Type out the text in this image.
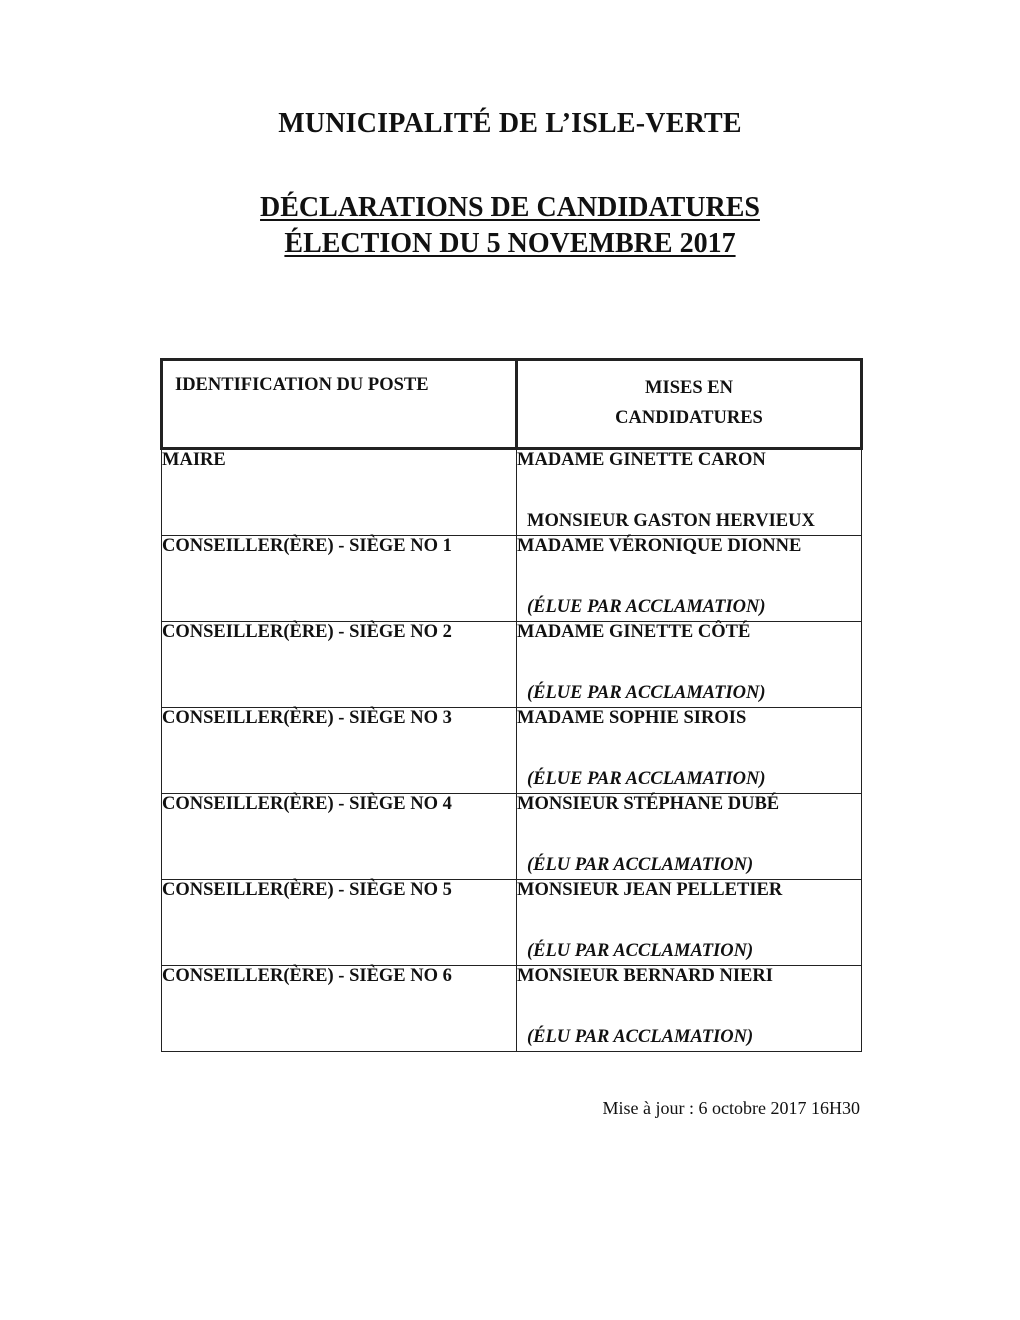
MUNICIPALITÉ DE L’ISLE-VERTE
DÉCLARATIONS DE CANDIDATURES
ÉLECTION DU 5 NOVEMBRE 2017
IDENTIFICATION DU POSTE	MISES EN
CANDIDATURES
MAIRE	MADAME GINETTE CARON
MONSIEUR GASTON HERVIEUX

CONSEILLER(ÈRE) - SIÈGE NO 1	MADAME VÉRONIQUE DIONNE
(ÉLUE PAR ACCLAMATION)

CONSEILLER(ÈRE) - SIÈGE NO 2	MADAME GINETTE CÔTÉ
(ÉLUE PAR ACCLAMATION)

CONSEILLER(ÈRE) - SIÈGE NO 3	MADAME SOPHIE SIROIS
(ÉLUE PAR ACCLAMATION)

CONSEILLER(ÈRE) - SIÈGE NO 4	MONSIEUR STÉPHANE DUBÉ
(ÉLU PAR ACCLAMATION)

CONSEILLER(ÈRE) - SIÈGE NO 5	MONSIEUR JEAN PELLETIER
(ÉLU PAR ACCLAMATION)

CONSEILLER(ÈRE) - SIÈGE NO 6	MONSIEUR BERNARD NIERI
(ÉLU PAR ACCLAMATION)
Mise à jour : 6 octobre 2017 16H30
